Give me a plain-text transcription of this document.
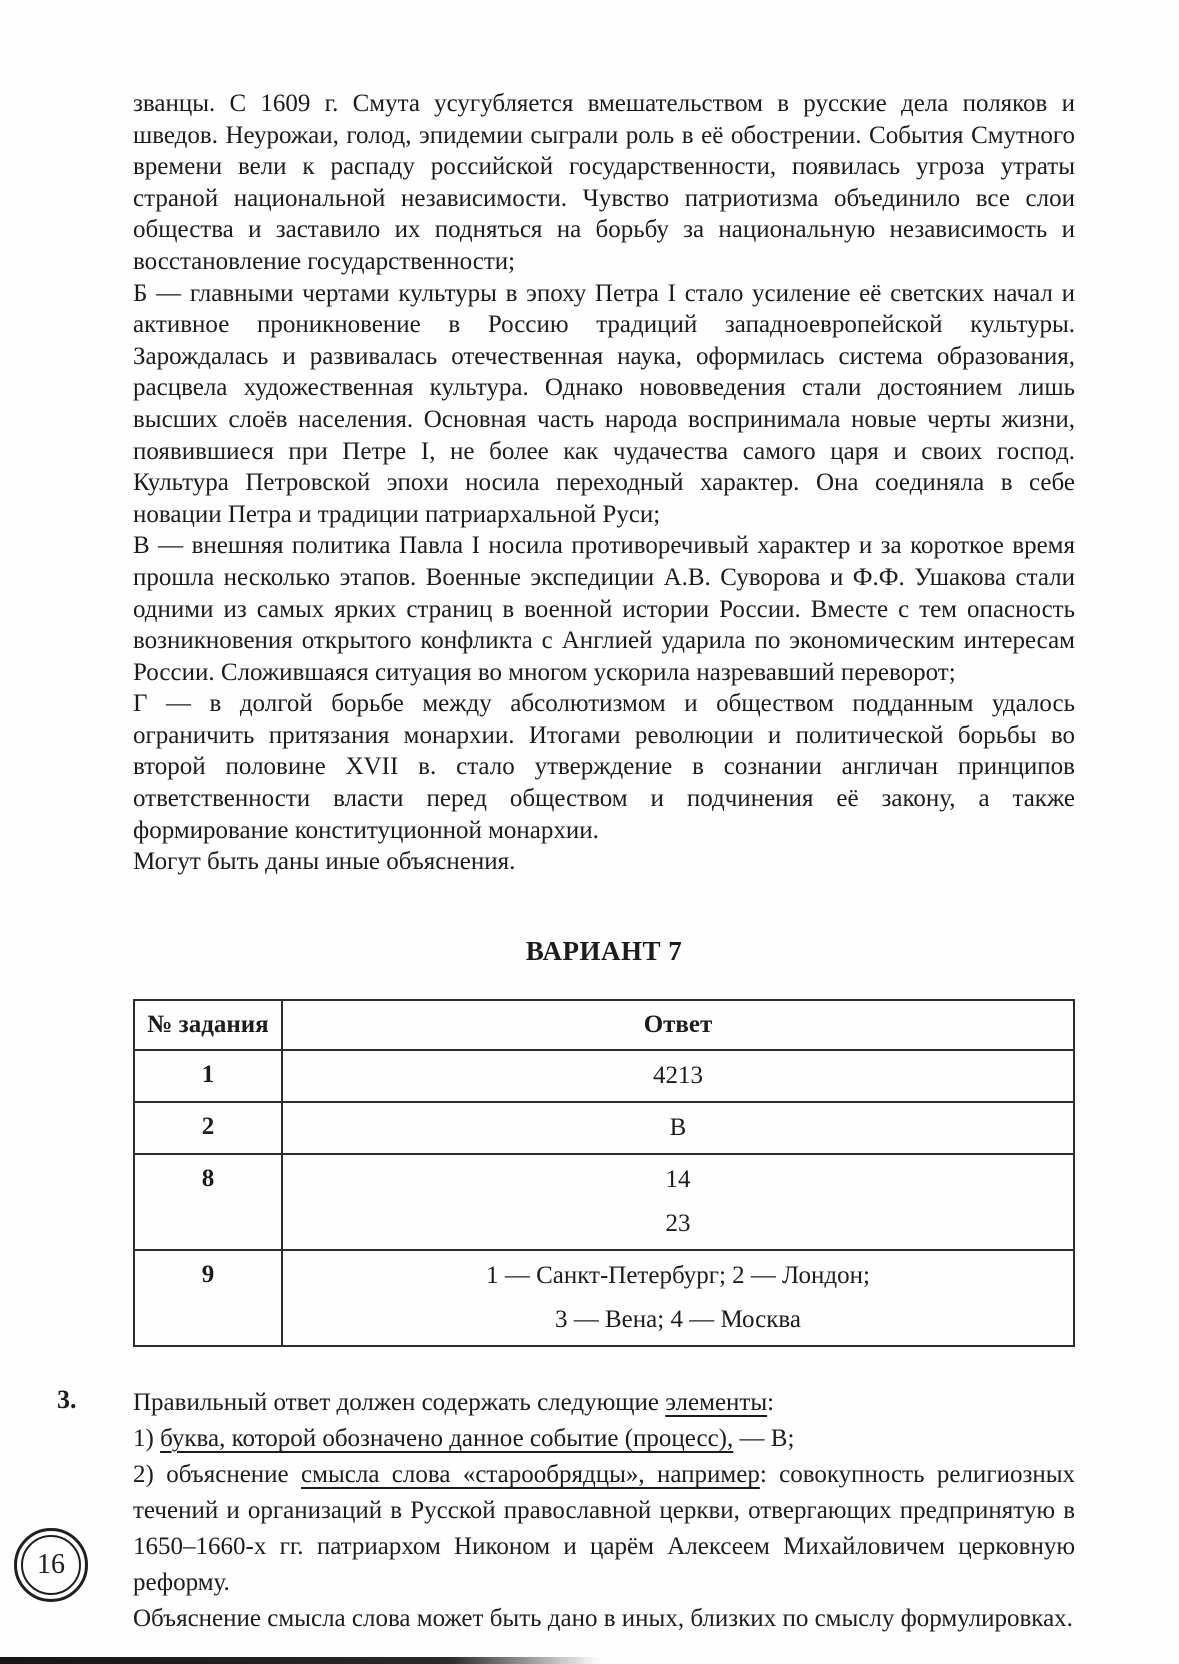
званцы. С 1609 г. Смута усугубляется вмешательством в русские дела поляков и шведов. Неурожаи, голод, эпидемии сыграли роль в её обострении. События Смутного времени вели к распаду российской государственности, появилась угроза утраты страной национальной независимости. Чувство патриотизма объединило все слои общества и заставило их подняться на борьбу за национальную независимость и восстановление государственности;

Б — главными чертами культуры в эпоху Петра I стало усиление её светских начал и активное проникновение в Россию традиций западноевропейской культуры. Зарождалась и развивалась отечественная наука, оформилась система образования, расцвела художественная культура. Однако нововведения стали достоянием лишь высших слоёв населения. Основная часть народа воспринимала новые черты жизни, появившиеся при Петре I, не более как чудачества самого царя и своих господ. Культура Петровской эпохи носила переходный характер. Она соединяла в себе новации Петра и традиции патриархальной Руси;

В — внешняя политика Павла I носила противоречивый характер и за короткое время прошла несколько этапов. Военные экспедиции А.В. Суворова и Ф.Ф. Ушакова стали одними из самых ярких страниц в военной истории России. Вместе с тем опасность возникновения открытого конфликта с Англией ударила по экономическим интересам России. Сложившаяся ситуация во многом ускорила назревавший переворот;

Г — в долгой борьбе между абсолютизмом и обществом подданным удалось ограничить притязания монархии. Итогами революции и политической борьбы во второй половине XVII в. стало утверждение в сознании англичан принципов ответственности власти перед обществом и подчинения её закону, а также формирование конституционной монархии.

Могут быть даны иные объяснения.

ВАРИАНТ 7
№ задания	Ответ
1	4213

2	В

8	14
23

9	1 — Санкт-Петербург; 2 — Лондон;
3 — Вена; 4 — Москва
3. Правильный ответ должен содержать следующие элементы:

1) буква, которой обозначено данное событие (процесс), — В;

2) объяснение смысла слова «старообрядцы», например: совокупность религиозных течений и организаций в Русской православной церкви, отвергающих предпринятую в 1650–1660-х гг. патриархом Никоном и царём Алексеем Михайловичем церковную реформу.

Объяснение смысла слова может быть дано в иных, близких по смыслу формулировках.

16
